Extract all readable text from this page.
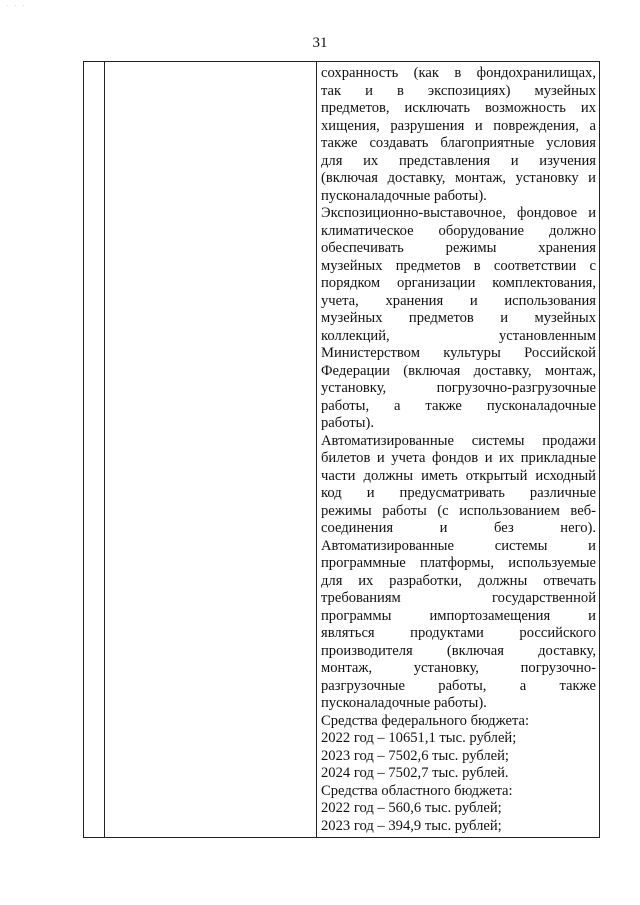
· · ·
31
сохранность (как в фондохранилищах,
так и в экспозициях) музейных
предметов, исключать возможность их
хищения, разрушения и повреждения, а
также создавать благоприятные условия
для их представления и изучения
(включая доставку, монтаж, установку и
пусконаладочные работы).
Экспозиционно-выставочное, фондовое и
климатическое оборудование должно
обеспечивать режимы хранения
музейных предметов в соответствии с
порядком организации комплектования,
учета, хранения и использования
музейных предметов и музейных
коллекций, установленным
Министерством культуры Российской
Федерации (включая доставку, монтаж,
установку, погрузочно-разгрузочные
работы, а также пусконаладочные
работы).
Автоматизированные системы продажи
билетов и учета фондов и их прикладные
части должны иметь открытый исходный
код и предусматривать различные
режимы работы (с использованием веб-
соединения и без него).
Автоматизированные системы и
программные платформы, используемые
для их разработки, должны отвечать
требованиям государственной
программы импортозамещения и
являться продуктами российского
производителя (включая доставку,
монтаж, установку, погрузочно-
разгрузочные работы, а также
пусконаладочные работы).
Средства федерального бюджета:
2022 год – 10651,1 тыс. рублей;
2023 год – 7502,6 тыс. рублей;
2024 год – 7502,7 тыс. рублей.
Средства областного бюджета:
2022 год – 560,6 тыс. рублей;
2023 год – 394,9 тыс. рублей;
